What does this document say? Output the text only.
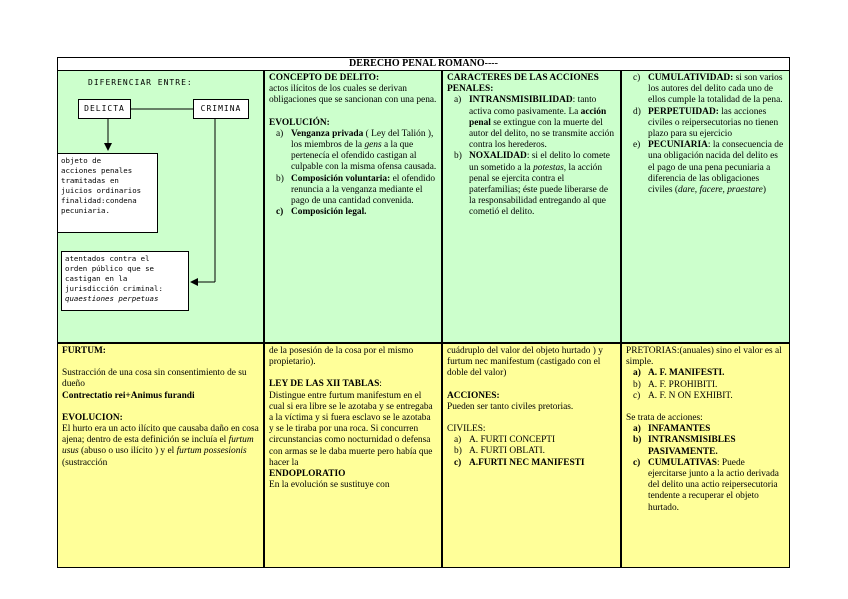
DERECHO PENAL ROMANO----
DIFERENCIAR ENTRE:
DELICTA	CRIMINA
objeto de
acciones penales
tramitadas en
juicios ordinarios
finalidad:condena
pecuniaria.
atentados contra el
orden público que se
castigan en la
jurisdicción criminal:
quaestiones perpetuas
CONCEPTO DE DELITO:
actos ilícitos de los cuales se derivan obligaciones que se sancionan con una pena.
EVOLUCIÓN:
a) Venganza privada ( Ley del Talión ), los miembros de la gens a la que pertenecía el ofendido castigan al culpable con la misma ofensa causada.
b) Composición voluntaria: el ofendido renuncia a la venganza mediante el pago de una cantidad convenida.
c) Composición legal.
CARACTERES DE LAS ACCIONES PENALES:
a) INTRANSMISIBILIDAD: tanto activa como pasivamente. La acción penal se extingue con la muerte del autor del delito, no se transmite acción contra los herederos.
b) NOXALIDAD: si el delito lo comete un sometido a la potestas, la acción penal se ejercita contra el paterfamilias; éste puede liberarse de la responsabilidad entregando al que cometió el delito.
c) CUMULATIVIDAD: si son varios los autores del delito cada uno de ellos cumple la totalidad de la pena.
d) PERPETUIDAD: las acciones civiles o reipersecutorias no tienen plazo para su ejercicio
e) PECUNIARIA: la consecuencia de una obligación nacida del delito es el pago de una pena pecuniaria a diferencia de las obligaciones civiles (dare, facere, praestare)
FURTUM:
Sustracción de una cosa sin consentimiento de su dueño
Contrectatio rei+Animus furandi
EVOLUCION:
El hurto era un acto ilícito que causaba daño en cosa ajena; dentro de esta definición se incluía el furtum usus (abuso o uso ilícito ) y el furtum possesionis (sustracción
de la posesión de la cosa por el mismo propietario).
LEY DE LAS XII TABLAS:
Distingue entre furtum manifestum en el cual si era libre se le azotaba y se entregaba a la víctima y si fuera esclavo se le azotaba y se le tiraba por una roca. Si concurren circunstancias como nocturnidad o defensa con armas se le daba muerte pero había que hacer la
ENDOPLORATIO
En la evolución se sustituye con
cuádruplo del valor del objeto hurtado ) y furtum nec manifestum (castigado con el doble del valor)
ACCIONES:
Pueden ser tanto civiles pretorias.
CIVILES:
a) A. FURTI CONCEPTI
b) A. FURTI OBLATI.
c) A.FURTI NEC MANIFESTI
PRETORIAS:(anuales) sino el valor es al simple.
a) A. F. MANIFESTI.
b) A. F. PROHIBITI.
c) A. F. N ON EXHIBIT.
Se trata de acciones:
a) INFAMANTES
b) INTRANSMISIBLES PASIVAMENTE.
c) CUMULATIVAS: Puede ejercitarse junto a la actio derivada del delito una actio reipersecutoria tendente a recuperar el objeto hurtado.
